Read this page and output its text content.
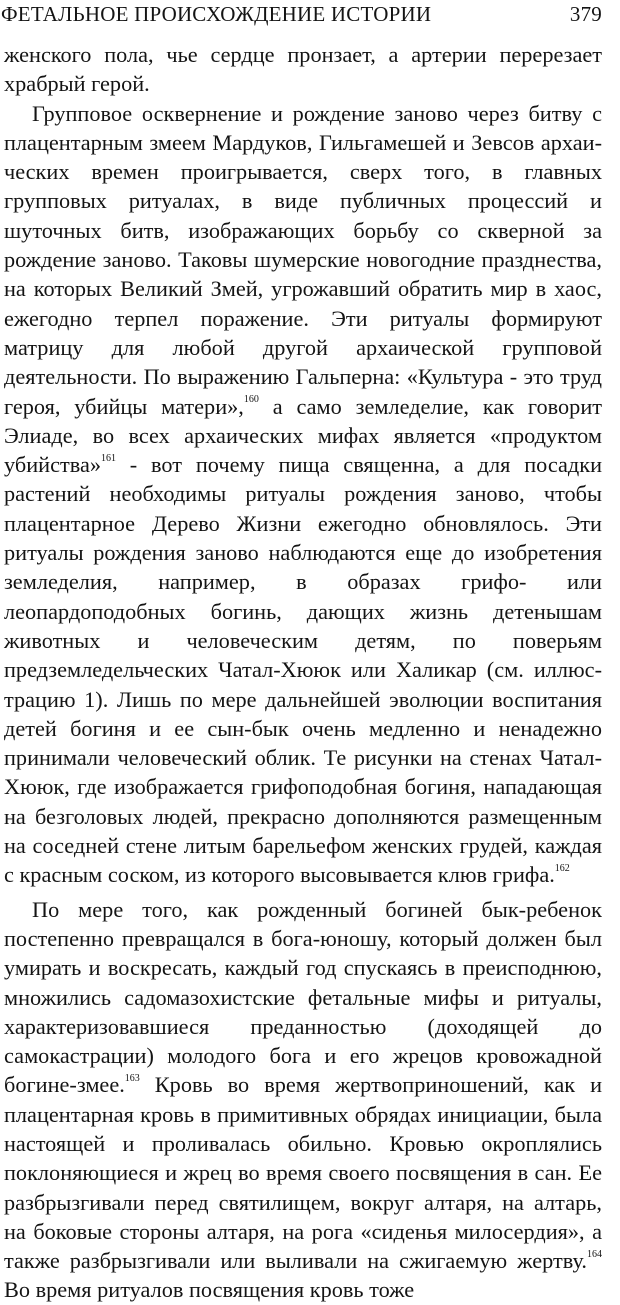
ФЕТАЛЬНОЕ ПРОИСХОЖДЕНИЕ ИСТОРИИ	379

женского пола, чье сердце пронзает, а артерии перерезает храбрый герой.

Групповое осквернение и рождение заново через битву с плацентарным змеем Мардуков, Гильгамешей и Зевсов архаических времен проигрывается, сверх того, в главных групповых ритуалах, в виде публичных процессий и шуточных битв, изображающих борьбу со скверной за рождение заново. Таковы шумерские новогодние празднества, на которых Великий Змей, угрожавший обратить мир в хаос, ежегодно терпел поражение. Эти ритуалы формируют матрицу для любой другой архаической групповой деятельности. По выражению Гальперна: «Культура - это труд героя, убийцы матери»,$^{160}$ а само земледелие, как говорит Элиаде, во всех архаических мифах является «продуктом убийства»$^{161}$ - вот почему пища священна, а для посадки растений необходимы ритуалы рождения заново, чтобы плацентарное Дерево Жизни ежегодно обновлялось. Эти ритуалы рождения заново наблюдаются еще до изобретения земледелия, например, в образах грифо- или леопардоподобных богинь, дающих жизнь детенышам животных и человеческим детям, по поверьям предземледельческих Чатал-Хююк или Халикар (см. иллюстрацию 1). Лишь по мере дальнейшей эволюции воспитания детей богиня и ее сын-бык очень медленно и ненадежно принимали человеческий облик. Те рисунки на стенах Чатал-Хююк, где изображается грифоподобная богиня, нападающая на безголовых людей, прекрасно дополняются размещенным на соседней стене литым барельефом женских грудей, каждая с красным соском, из которого высовывается клюв грифа.$^{162}$

По мере того, как рожденный богиней бык-ребенок постепенно превращался в бога-юношу, который должен был умирать и воскресать, каждый год спускаясь в преисподнюю, множились садомазохистские фетальные мифы и ритуалы, характеризовавшиеся преданностью (доходящей до самокастрации) молодого бога и его жрецов кровожадной богине-змее.$^{163}$ Кровь во время жертвоприношений, как и плацентарная кровь в примитивных обрядах инициации, была настоящей и проливалась обильно. Кровью окроплялись поклоняющиеся и жрец во время своего посвящения в сан. Ее разбрызгивали перед святилищем, вокруг алтаря, на алтарь, на боковые стороны алтаря, на рога «сиденья милосердия», а также разбрызгивали или выливали на сжигаемую жертву.$^{164}$ Во время ритуалов посвящения кровь тоже
